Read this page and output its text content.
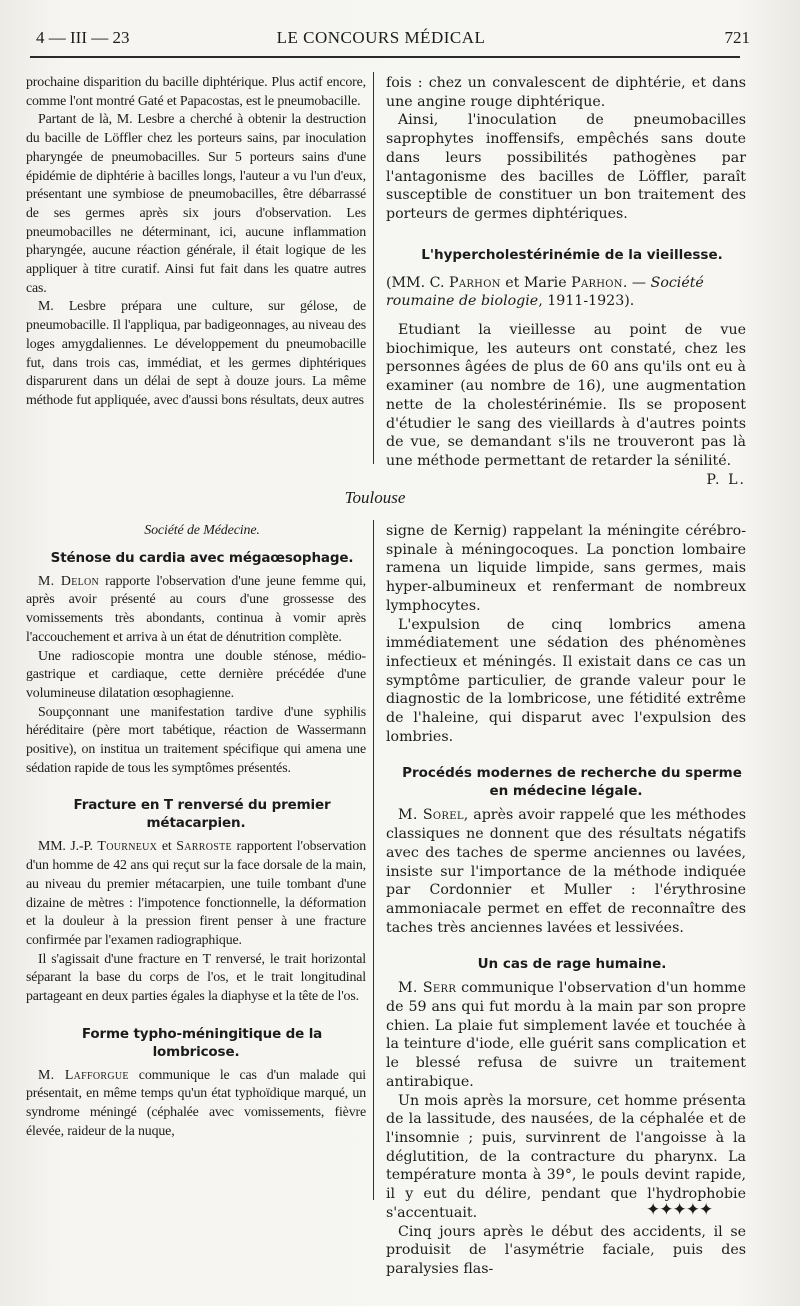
4 — III — 23	LE CONCOURS MÉDICAL	721

prochaine disparition du bacille diphtérique. Plus actif encore, comme l'ont montré Gaté et Papacostas, est le pneumobacille.

Partant de là, M. Lesbre a cherché à obtenir la destruction du bacille de Löffler chez les porteurs sains, par inoculation pharyngée de pneumobacilles. Sur 5 porteurs sains d'une épidémie de diphtérie à bacilles longs, l'auteur a vu l'un d'eux, présentant une symbiose de pneumobacilles, être débarrassé de ses germes après six jours d'observation. Les pneumobacilles ne déterminant, ici, aucune inflammation pharyngée, aucune réaction générale, il était logique de les appliquer à titre curatif. Ainsi fut fait dans les quatre autres cas.

M. Lesbre prépara une culture, sur gélose, de pneumobacille. Il l'appliqua, par badigeonnages, au niveau des loges amygdaliennes. Le développement du pneumobacille fut, dans trois cas, immédiat, et les germes diphtériques disparurent dans un délai de sept à douze jours. La même méthode fut appliquée, avec d'aussi bons résultats, deux autres

fois : chez un convalescent de diphtérie, et dans une angine rouge diphtérique.

Ainsi, l'inoculation de pneumobacilles saprophytes inoffensifs, empêchés sans doute dans leurs possibilités pathogènes par l'antagonisme des bacilles de Löffler, paraît susceptible de constituer un bon traitement des porteurs de germes diphtériques.

L'hypercholestérinémie de la vieillesse.

(MM. C. Parhon et Marie Parhon. — Société roumaine de biologie, 1911-1923).

Etudiant la vieillesse au point de vue biochimique, les auteurs ont constaté, chez les personnes âgées de plus de 60 ans qu'ils ont eu à examiner (au nombre de 16), une augmentation nette de la cholestérinémie. Ils se proposent d'étudier le sang des vieillards à d'autres points de vue, se demandant s'ils ne trouveront pas là une méthode permettant de retarder la sénilité.

P. L.

Toulouse

Société de Médecine.

Sténose du cardia avec mégaœsophage.

M. Delon rapporte l'observation d'une jeune femme qui, après avoir présenté au cours d'une grossesse des vomissements très abondants, continua à vomir après l'accouchement et arriva à un état de dénutrition complète.

Une radioscopie montra une double sténose, médio-gastrique et cardiaque, cette dernière précédée d'une volumineuse dilatation œsophagienne.

Soupçonnant une manifestation tardive d'une syphilis héréditaire (père mort tabétique, réaction de Wassermann positive), on institua un traitement spécifique qui amena une sédation rapide de tous les symptômes présentés.

Fracture en T renversé du premier métacarpien.

MM. J.-P. Tourneux et Sarroste rapportent l'observation d'un homme de 42 ans qui reçut sur la face dorsale de la main, au niveau du premier métacarpien, une tuile tombant d'une dizaine de mètres : l'impotence fonctionnelle, la déformation et la douleur à la pression firent penser à une fracture confirmée par l'examen radiographique.

Il s'agissait d'une fracture en T renversé, le trait horizontal séparant la base du corps de l'os, et le trait longitudinal partageant en deux parties égales la diaphyse et la tête de l'os.

Forme typho-méningitique de la lombricose.

M. Lafforgue communique le cas d'un malade qui présentait, en même temps qu'un état typhoïdique marqué, un syndrome méningé (céphalée avec vomissements, fièvre élevée, raideur de la nuque,

signe de Kernig) rappelant la méningite cérébro-spinale à méningocoques. La ponction lombaire ramena un liquide limpide, sans germes, mais hyper-albumineux et renfermant de nombreux lymphocytes.

L'expulsion de cinq lombrics amena immédiatement une sédation des phénomènes infectieux et méningés. Il existait dans ce cas un symptôme particulier, de grande valeur pour le diagnostic de la lombricose, une fétidité extrême de l'haleine, qui disparut avec l'expulsion des lombries.

Procédés modernes de recherche du sperme en médecine légale.

M. Sorel, après avoir rappelé que les méthodes classiques ne donnent que des résultats négatifs avec des taches de sperme anciennes ou lavées, insiste sur l'importance de la méthode indiquée par Cordonnier et Muller : l'érythrosine ammoniacale permet en effet de reconnaître des taches très anciennes lavées et lessivées.

Un cas de rage humaine.

M. Serr communique l'observation d'un homme de 59 ans qui fut mordu à la main par son propre chien. La plaie fut simplement lavée et touchée à la teinture d'iode, elle guérit sans complication et le blessé refusa de suivre un traitement antirabique.

Un mois après la morsure, cet homme présenta de la lassitude, des nausées, de la céphalée et de l'insomnie ; puis, survinrent de l'angoisse à la déglutition, de la contracture du pharynx. La température monta à 39°, le pouls devint rapide, il y eut du délire, pendant que l'hydrophobie s'accentuait.

Cinq jours après le début des accidents, il se produisit de l'asymétrie faciale, puis des paralysies flas-

✦✦✦✦✦
